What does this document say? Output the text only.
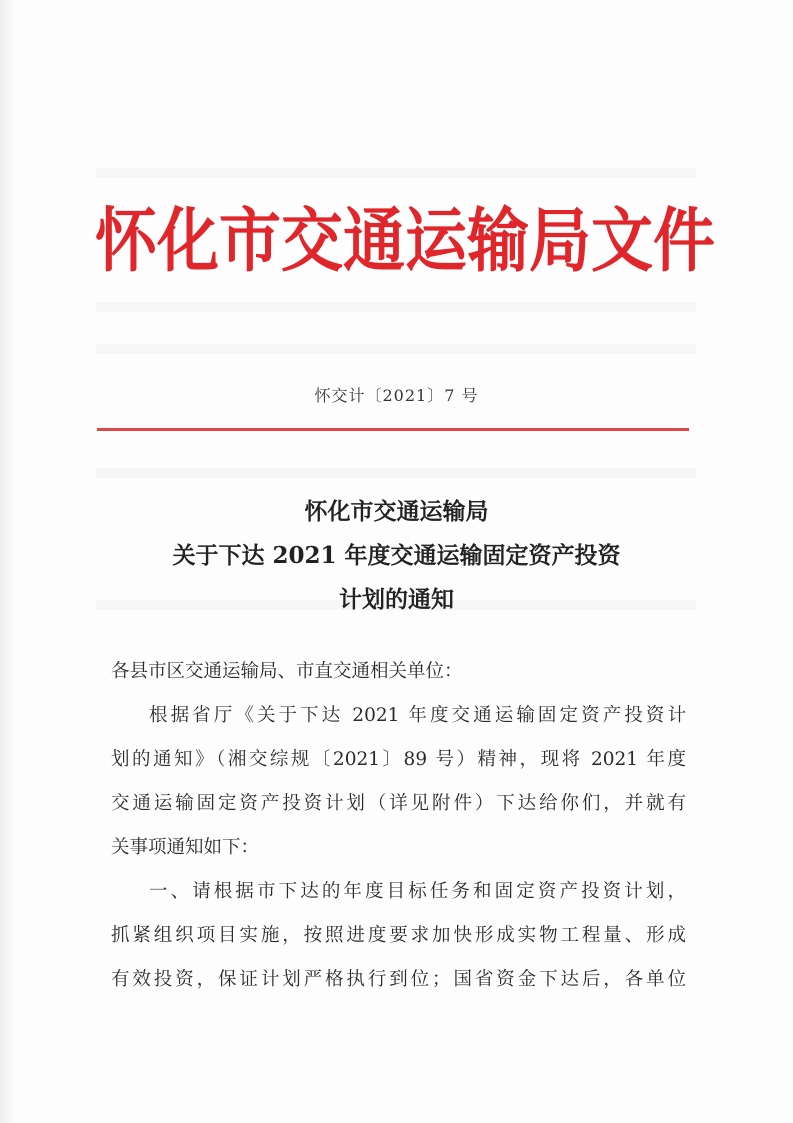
怀化市交通运输局文件
怀交计〔2021〕7 号
怀化市交通运输局
关于下达 2021 年度交通运输固定资产投资
计划的通知
各县市区交通运输局、市直交通相关单位：
根据省厅《关于下达 2021 年度交通运输固定资产投资计
划的通知》（湘交综规〔2021〕89 号）精神，现将 2021 年度
交通运输固定资产投资计划（详见附件）下达给你们，并就有
关事项通知如下：
一、请根据市下达的年度目标任务和固定资产投资计划，
抓紧组织项目实施，按照进度要求加快形成实物工程量、形成
有效投资，保证计划严格执行到位；国省资金下达后，各单位
